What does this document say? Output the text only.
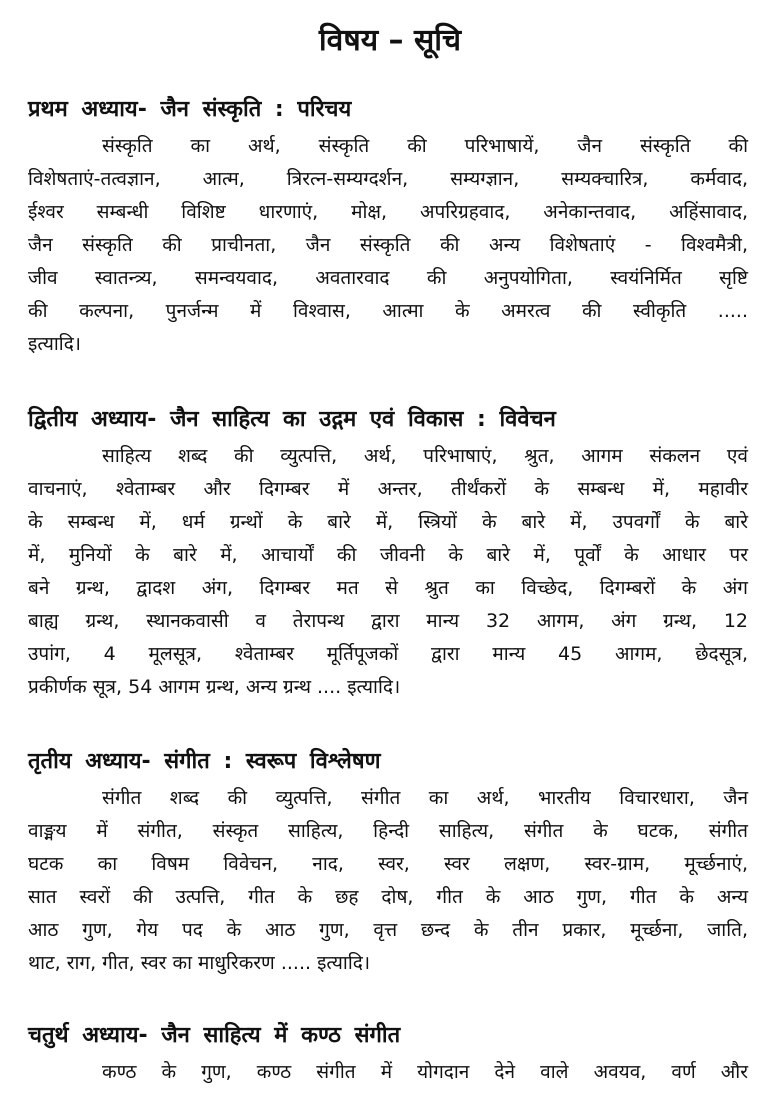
विषय – सूचि
प्रथम अध्याय- जैन संस्कृति : परिचय
संस्कृति का अर्थ, संस्कृति की परिभाषायें, जैन संस्कृति की
विशेषताएं-तत्वज्ञान, आत्म, त्रिरत्न-सम्यग्दर्शन, सम्यग्ज्ञान, सम्यक्चारित्र, कर्मवाद,
ईश्वर सम्बन्धी विशिष्ट धारणाएं, मोक्ष, अपरिग्रहवाद, अनेकान्तवाद, अहिंसावाद,
जैन संस्कृति की प्राचीनता, जैन संस्कृति की अन्य विशेषताएं - विश्वमैत्री,
जीव स्वातन्त्र्य, समन्वयवाद, अवतारवाद की अनुपयोगिता, स्वयंनिर्मित सृष्टि
की कल्पना, पुनर्जन्म में विश्वास, आत्मा के अमरत्व की स्वीकृति .....
इत्यादि।
द्वितीय अध्याय- जैन साहित्य का उद्गम एवं विकास : विवेचन
साहित्य शब्द की व्युत्पत्ति, अर्थ, परिभाषाएं, श्रुत, आगम संकलन एवं
वाचनाएं, श्वेताम्बर और दिगम्बर में अन्तर, तीर्थंकरों के सम्बन्ध में, महावीर
के सम्बन्ध में, धर्म ग्रन्थों के बारे में, स्त्रियों के बारे में, उपवर्गों के बारे
में, मुनियों के बारे में, आचार्यों की जीवनी के बारे में, पूर्वों के आधार पर
बने ग्रन्थ, द्वादश अंग, दिगम्बर मत से श्रुत का विच्छेद, दिगम्बरों के अंग
बाह्य ग्रन्थ, स्थानकवासी व तेरापन्थ द्वारा मान्य 32 आगम, अंग ग्रन्थ, 12
उपांग, 4 मूलसूत्र, श्वेताम्बर मूर्तिपूजकों द्वारा मान्य 45 आगम, छेदसूत्र,
प्रकीर्णक सूत्र, 54 आगम ग्रन्थ, अन्य ग्रन्थ .... इत्यादि।
तृतीय अध्याय- संगीत : स्वरूप विश्लेषण
संगीत शब्द की व्युत्पत्ति, संगीत का अर्थ, भारतीय विचारधारा, जैन
वाङ्मय में संगीत, संस्कृत साहित्य, हिन्दी साहित्य, संगीत के घटक, संगीत
घटक का विषम विवेचन, नाद, स्वर, स्वर लक्षण, स्वर-ग्राम, मूर्च्छनाएं,
सात स्वरों की उत्पत्ति, गीत के छह दोष, गीत के आठ गुण, गीत के अन्य
आठ गुण, गेय पद के आठ गुण, वृत्त छन्द के तीन प्रकार, मूर्च्छना, जाति,
थाट, राग, गीत, स्वर का माधुरिकरण ..... इत्यादि।
चतुर्थ अध्याय- जैन साहित्य में कण्ठ संगीत
कण्ठ के गुण, कण्ठ संगीत में योगदान देने वाले अवयव, वर्ण और
